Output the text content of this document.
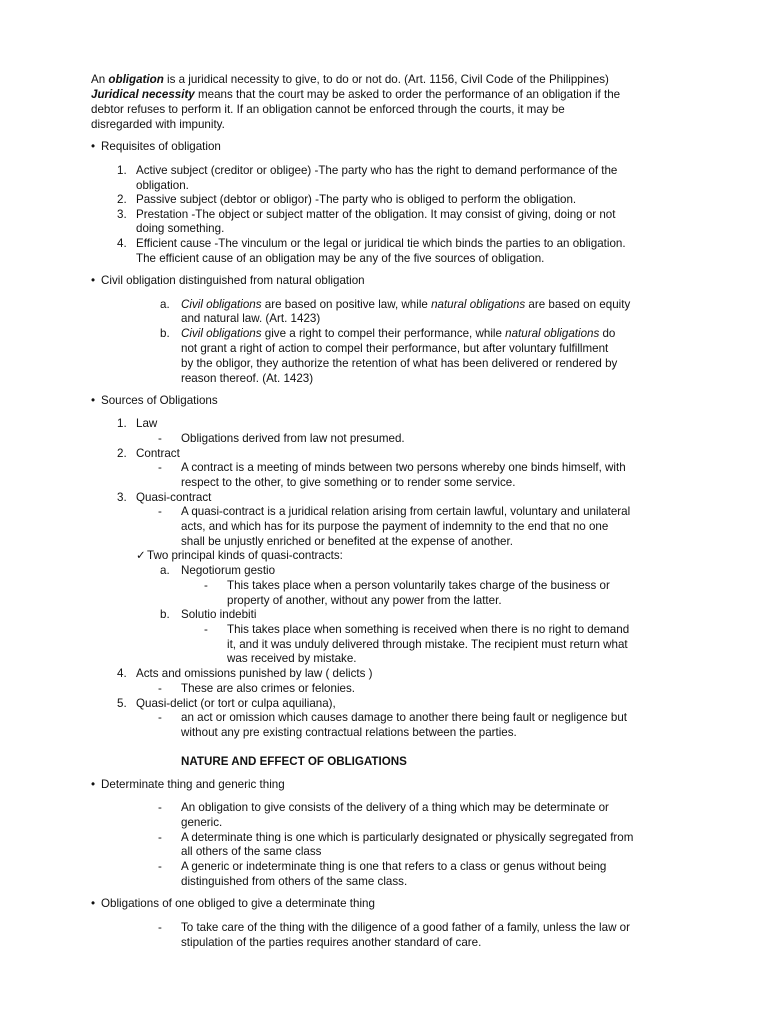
An obligation is a juridical necessity to give, to do or not do. (Art. 1156, Civil Code of the Philippines)
Juridical necessity means that the court may be asked to order the performance of an obligation if the
debtor refuses to perform it. If an obligation cannot be enforced through the courts, it may be
disregarded with impunity.
• Requisites of obligation
1. Active subject (creditor or obligee) -The party who has the right to demand performance of the
obligation.
2. Passive subject (debtor or obligor) -The party who is obliged to perform the obligation.
3. Prestation -The object or subject matter of the obligation. It may consist of giving, doing or not
doing something.
4. Efficient cause -The vinculum or the legal or juridical tie which binds the parties to an obligation.
The efficient cause of an obligation may be any of the five sources of obligation.
• Civil obligation distinguished from natural obligation
a. Civil obligations are based on positive law, while natural obligations are based on equity
and natural law. (Art. 1423)
b. Civil obligations give a right to compel their performance, while natural obligations do
not grant a right of action to compel their performance, but after voluntary fulfillment
by the obligor, they authorize the retention of what has been delivered or rendered by
reason thereof. (At. 1423)
• Sources of Obligations
1. Law
- Obligations derived from law not presumed.
2. Contract
- A contract is a meeting of minds between two persons whereby one binds himself, with
respect to the other, to give something or to render some service.
3. Quasi-contract
- A quasi-contract is a juridical relation arising from certain lawful, voluntary and unilateral
acts, and which has for its purpose the payment of indemnity to the end that no one
shall be unjustly enriched or benefited at the expense of another.
✓ Two principal kinds of quasi-contracts:
a. Negotiorum gestio
- This takes place when a person voluntarily takes charge of the business or
property of another, without any power from the latter.
b. Solutio indebiti
- This takes place when something is received when there is no right to demand
it, and it was unduly delivered through mistake. The recipient must return what
was received by mistake.
4. Acts and omissions punished by law ( delicts )
- These are also crimes or felonies.
5. Quasi-delict (or tort or culpa aquiliana),
- an act or omission which causes damage to another there being fault or negligence but
without any pre existing contractual relations between the parties.
NATURE AND EFFECT OF OBLIGATIONS
• Determinate thing and generic thing
- An obligation to give consists of the delivery of a thing which may be determinate or
generic.
- A determinate thing is one which is particularly designated or physically segregated from
all others of the same class
- A generic or indeterminate thing is one that refers to a class or genus without being
distinguished from others of the same class.
• Obligations of one obliged to give a determinate thing
- To take care of the thing with the diligence of a good father of a family, unless the law or
stipulation of the parties requires another standard of care.
